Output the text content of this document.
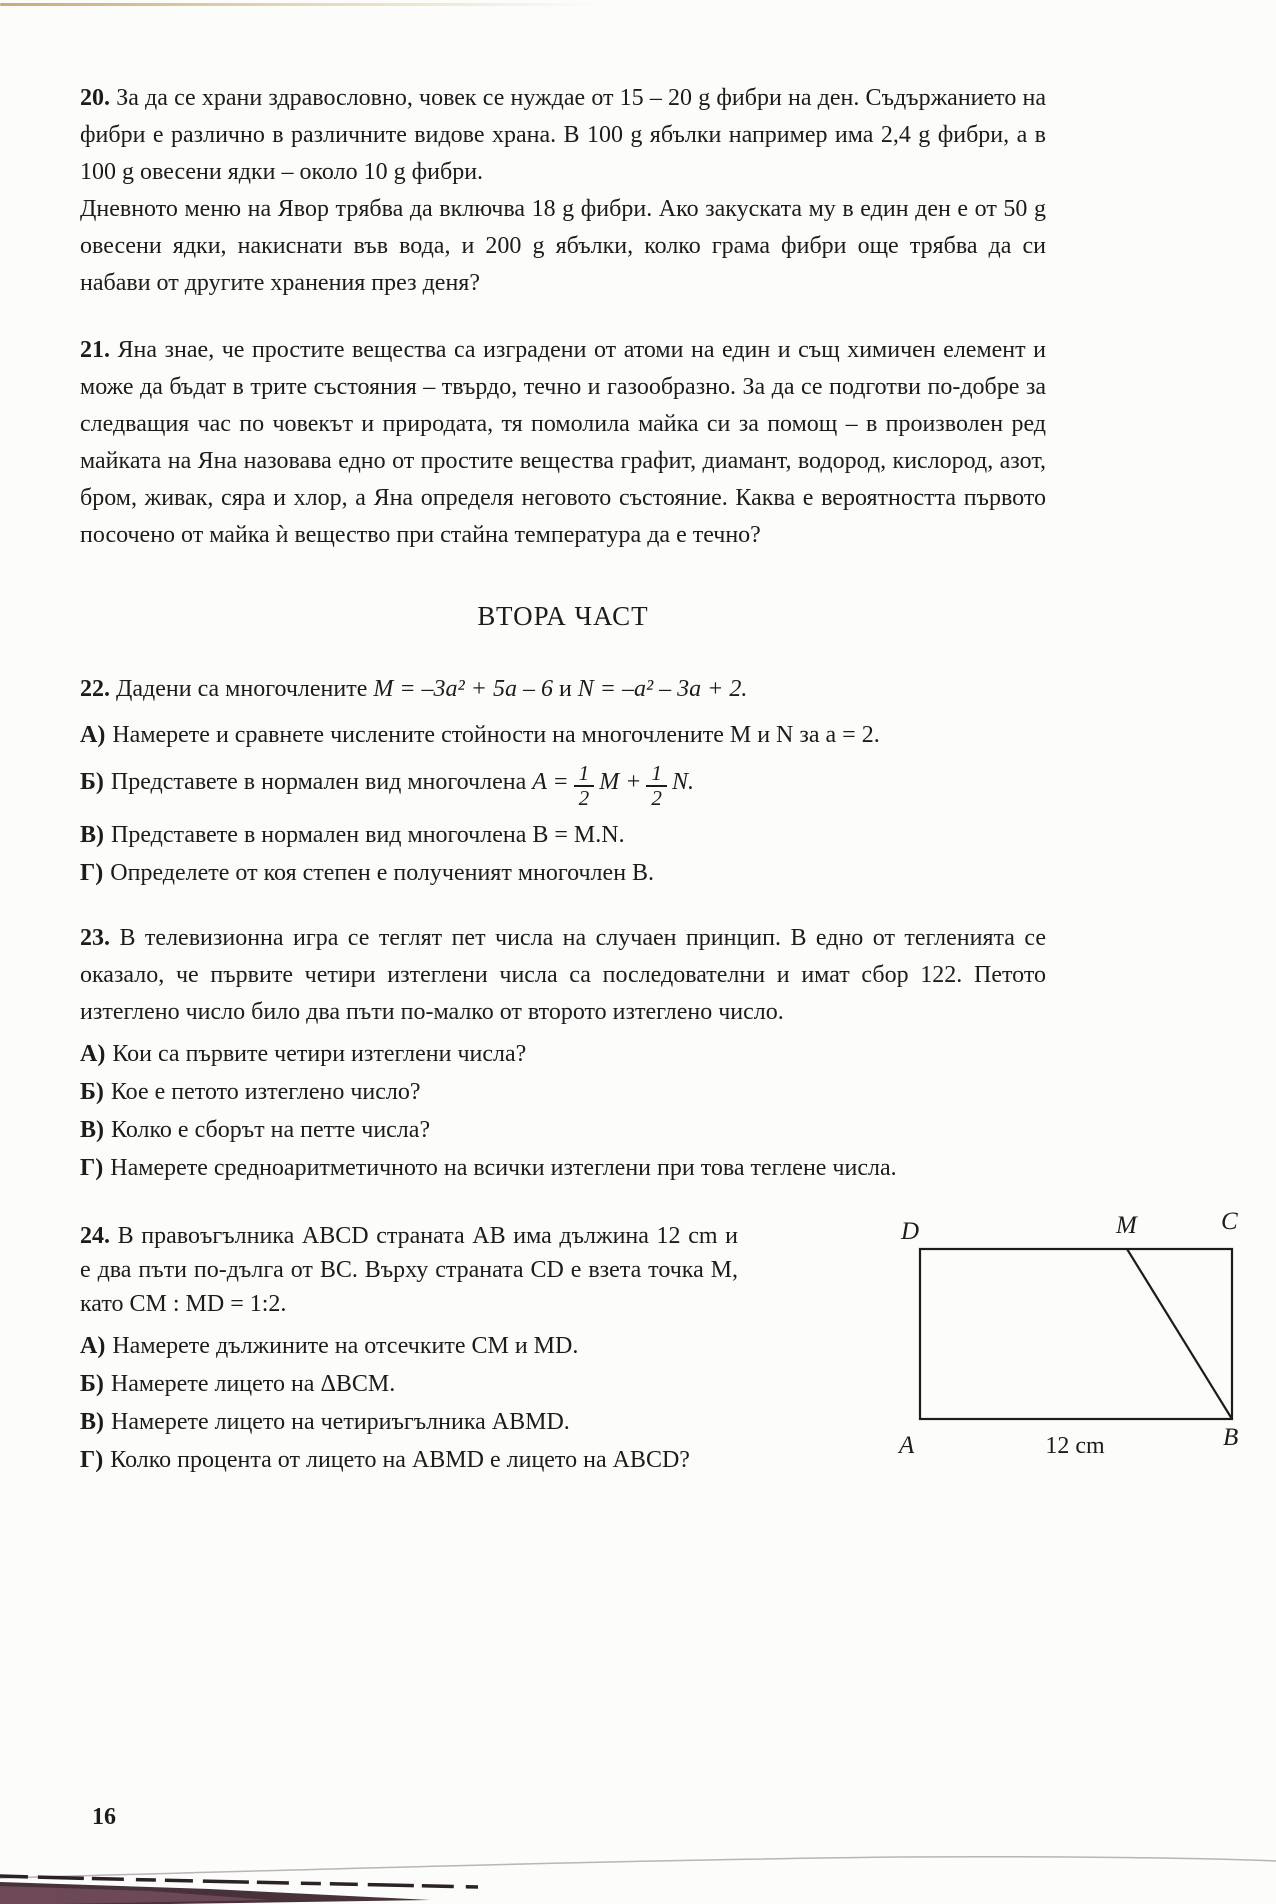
20. За да се храни здравословно, човек се нуждае от 15 – 20 g фибри на ден. Съдържанието на фибри е различно в различните видове храна. В 100 g ябълки например има 2,4 g фибри, а в 100 g овесени ядки – около 10 g фибри.

Дневното меню на Явор трябва да включва 18 g фибри. Ако закуската му в един ден е от 50 g овесени ядки, накиснати във вода, и 200 g ябълки, колко грама фибри още трябва да си набави от другите хранения през деня?

21. Яна знае, че простите вещества са изградени от атоми на един и същ химичен елемент и може да бъдат в трите състояния – твърдо, течно и газообразно. За да се подготви по-добре за следващия час по човекът и природата, тя помолила майка си за помощ – в произволен ред майката на Яна назовава едно от простите вещества графит, диамант, водород, кислород, азот, бром, живак, сяра и хлор, а Яна определя неговото състояние. Каква е вероятността първото посочено от майка ѝ вещество при стайна температура да е течно?

ВТОРА ЧАСТ

22. Дадени са многочлените M = –3a² + 5a – 6 и N = –a² – 3a + 2.

А) Намерете и сравнете числените стойности на многочлените M и N за a = 2.

Б) Представете в нормален вид многочлена $A = \frac{1}{2}$ $M + \frac{1}{2} N$.

В) Представете в нормален вид многочлена B = M.N.

Г) Определете от коя степен е полученият многочлен B.

23. В телевизионна игра се теглят пет числа на случаен принцип. В едно от тегленията се оказало, че първите четири изтеглени числа са последователни и имат сбор 122. Петото изтеглено число било два пъти по-малко от второто изтеглено число.

А) Кои са първите четири изтеглени числа?

Б) Кое е петото изтеглено число?

В) Колко е сборът на петте числа?

Г) Намерете средноаритметичното на всички изтеглени при това теглене числа.

24. В правоъгълника ABCD страната AB има дължина 12 cm и е два пъти по-дълга от BC. Върху страната CD е взета точка M, като CM : MD = 1:2.

А) Намерете дължините на отсечките CM и MD.

Б) Намерете лицето на ΔBCM.

В) Намерете лицето на четириъгълника ABMD.

Г) Колко процента от лицето на ABMD е лицето на ABCD?

D	M	C
A	B
12 cm
16
